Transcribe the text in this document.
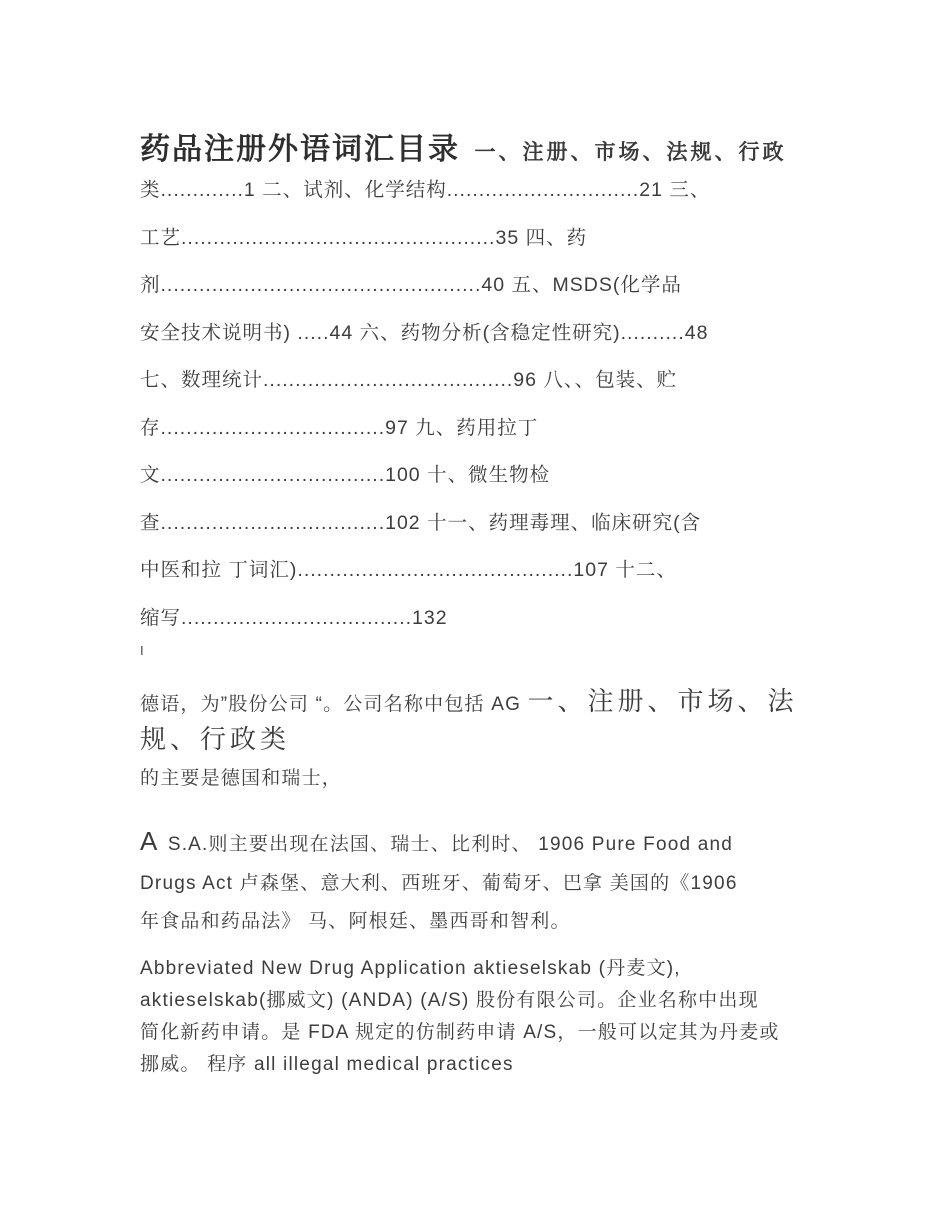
药品注册外语词汇目录 一、注册、市场、法规、行政
类.............1 二、试剂、化学结构..............................21 三、
工艺.................................................35 四、药
剂..................................................40 五、MSDS(化学品
安全技术说明书) .....44 六、药物分析(含稳定性研究)..........48
七、数理统计.......................................96 八、、包装、贮
存...................................97 九、药用拉丁
文...................................100 十、微生物检
查...................................102 十一、药理毒理、临床研究(含
中医和拉 丁词汇)...........................................107 十二、
缩写....................................132
I
德语，为”股份公司 “。公司名称中包括 AG 一、注册、市场、法
规、行政类
的主要是德国和瑞士，
A S.A.则主要出现在法国、瑞士、比利时、 1906 Pure Food and
Drugs Act 卢森堡、意大利、西班牙、葡萄牙、巴拿 美国的《1906
年食品和药品法》 马、阿根廷、墨西哥和智利。
Abbreviated New Drug Application aktieselskab (丹麦文),
aktieselskab(挪威文) (ANDA) (A/S) 股份有限公司。企业名称中出现
简化新药申请。是 FDA 规定的仿制药申请 A/S，一般可以定其为丹麦或
挪威。 程序 all illegal medical practices
